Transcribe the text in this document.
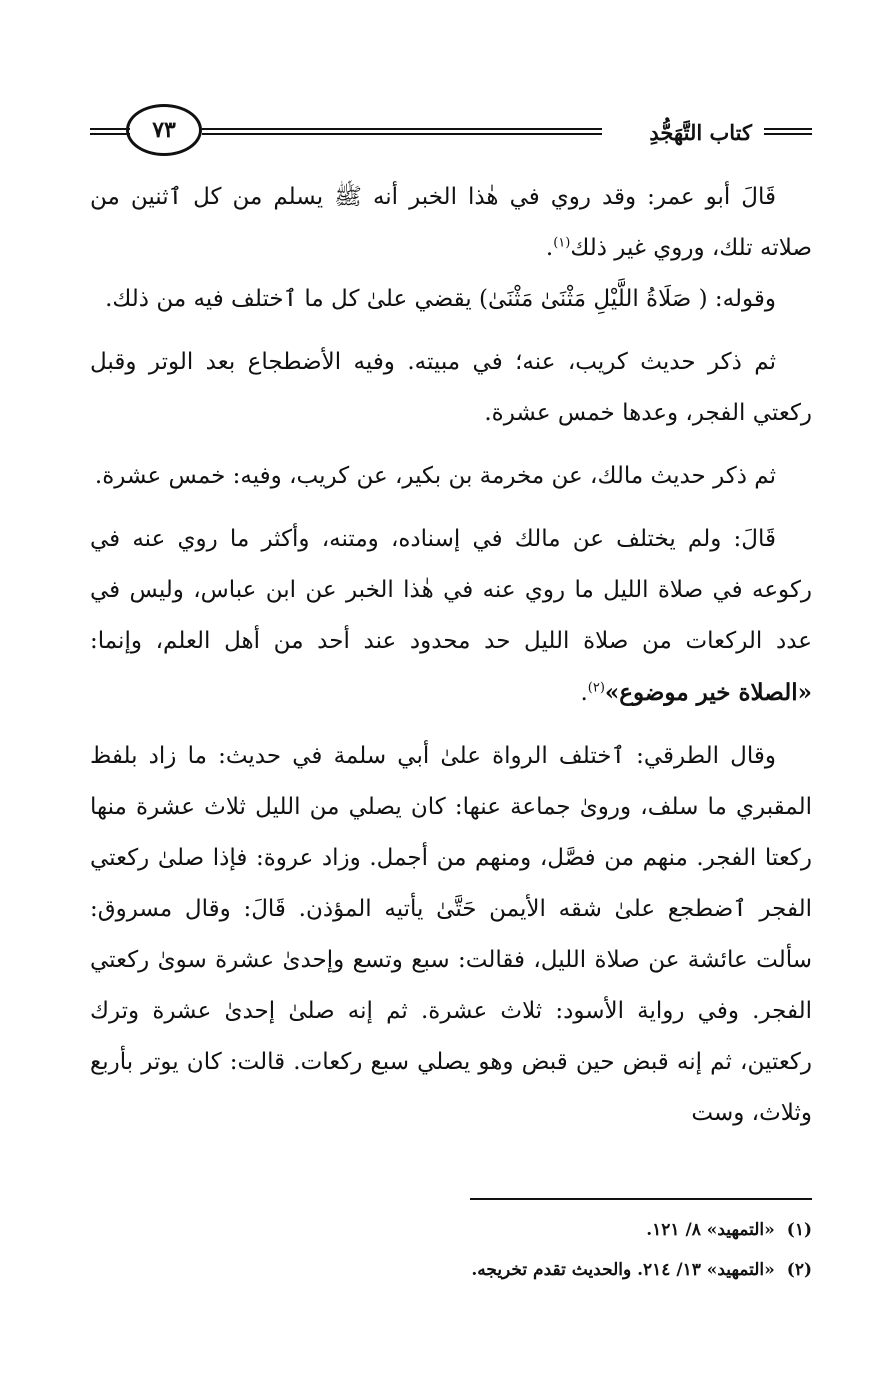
كتاب التَّهَجُّدِ
٧٣

قَالَ أبو عمر: وقد روي في هٰذا الخبر أنه ﷺ يسلم من كل ٱثنين من صلاته تلك، وروي غير ذلك$^{(١)}$.

وقوله: ( صَلَاةُ اللَّيْلِ مَثْنَىٰ مَثْنَىٰ) يقضي علىٰ كل ما ٱختلف فيه من ذلك.

ثم ذكر حديث كريب، عنه؛ في مبيته. وفيه الأضطجاع بعد الوتر وقبل ركعتي الفجر، وعدها خمس عشرة.

ثم ذكر حديث مالك، عن مخرمة بن بكير، عن كريب، وفيه: خمس عشرة.

قَالَ: ولم يختلف عن مالك في إسناده، ومتنه، وأكثر ما روي عنه في ركوعه في صلاة الليل ما روي عنه في هٰذا الخبر عن ابن عباس، وليس في عدد الركعات من صلاة الليل حد محدود عند أحد من أهل العلم، وإنما: «الصلاة خير موضوع»$^{(٢)}$.

وقال الطرقي: ٱختلف الرواة علىٰ أبي سلمة في حديث: ما زاد بلفظ المقبري ما سلف، وروىٰ جماعة عنها: كان يصلي من الليل ثلاث عشرة منها ركعتا الفجر. منهم من فصَّل، ومنهم من أجمل. وزاد عروة: فإذا صلىٰ ركعتي الفجر ٱضطجع علىٰ شقه الأيمن حَتَّىٰ يأتيه المؤذن. قَالَ: وقال مسروق: سألت عائشة عن صلاة الليل، فقالت: سبع وتسع وإحدىٰ عشرة سوىٰ ركعتي الفجر. وفي رواية الأسود: ثلاث عشرة. ثم إنه صلىٰ إحدىٰ عشرة وترك ركعتين، ثم إنه قبض حين قبض وهو يصلي سبع ركعات. قالت: كان يوتر بأربع وثلاث، وست

(١)«التمهيد» ٨/ ١٢١.

(٢)«التمهيد» ١٣/ ٢١٤. والحديث تقدم تخريجه.
